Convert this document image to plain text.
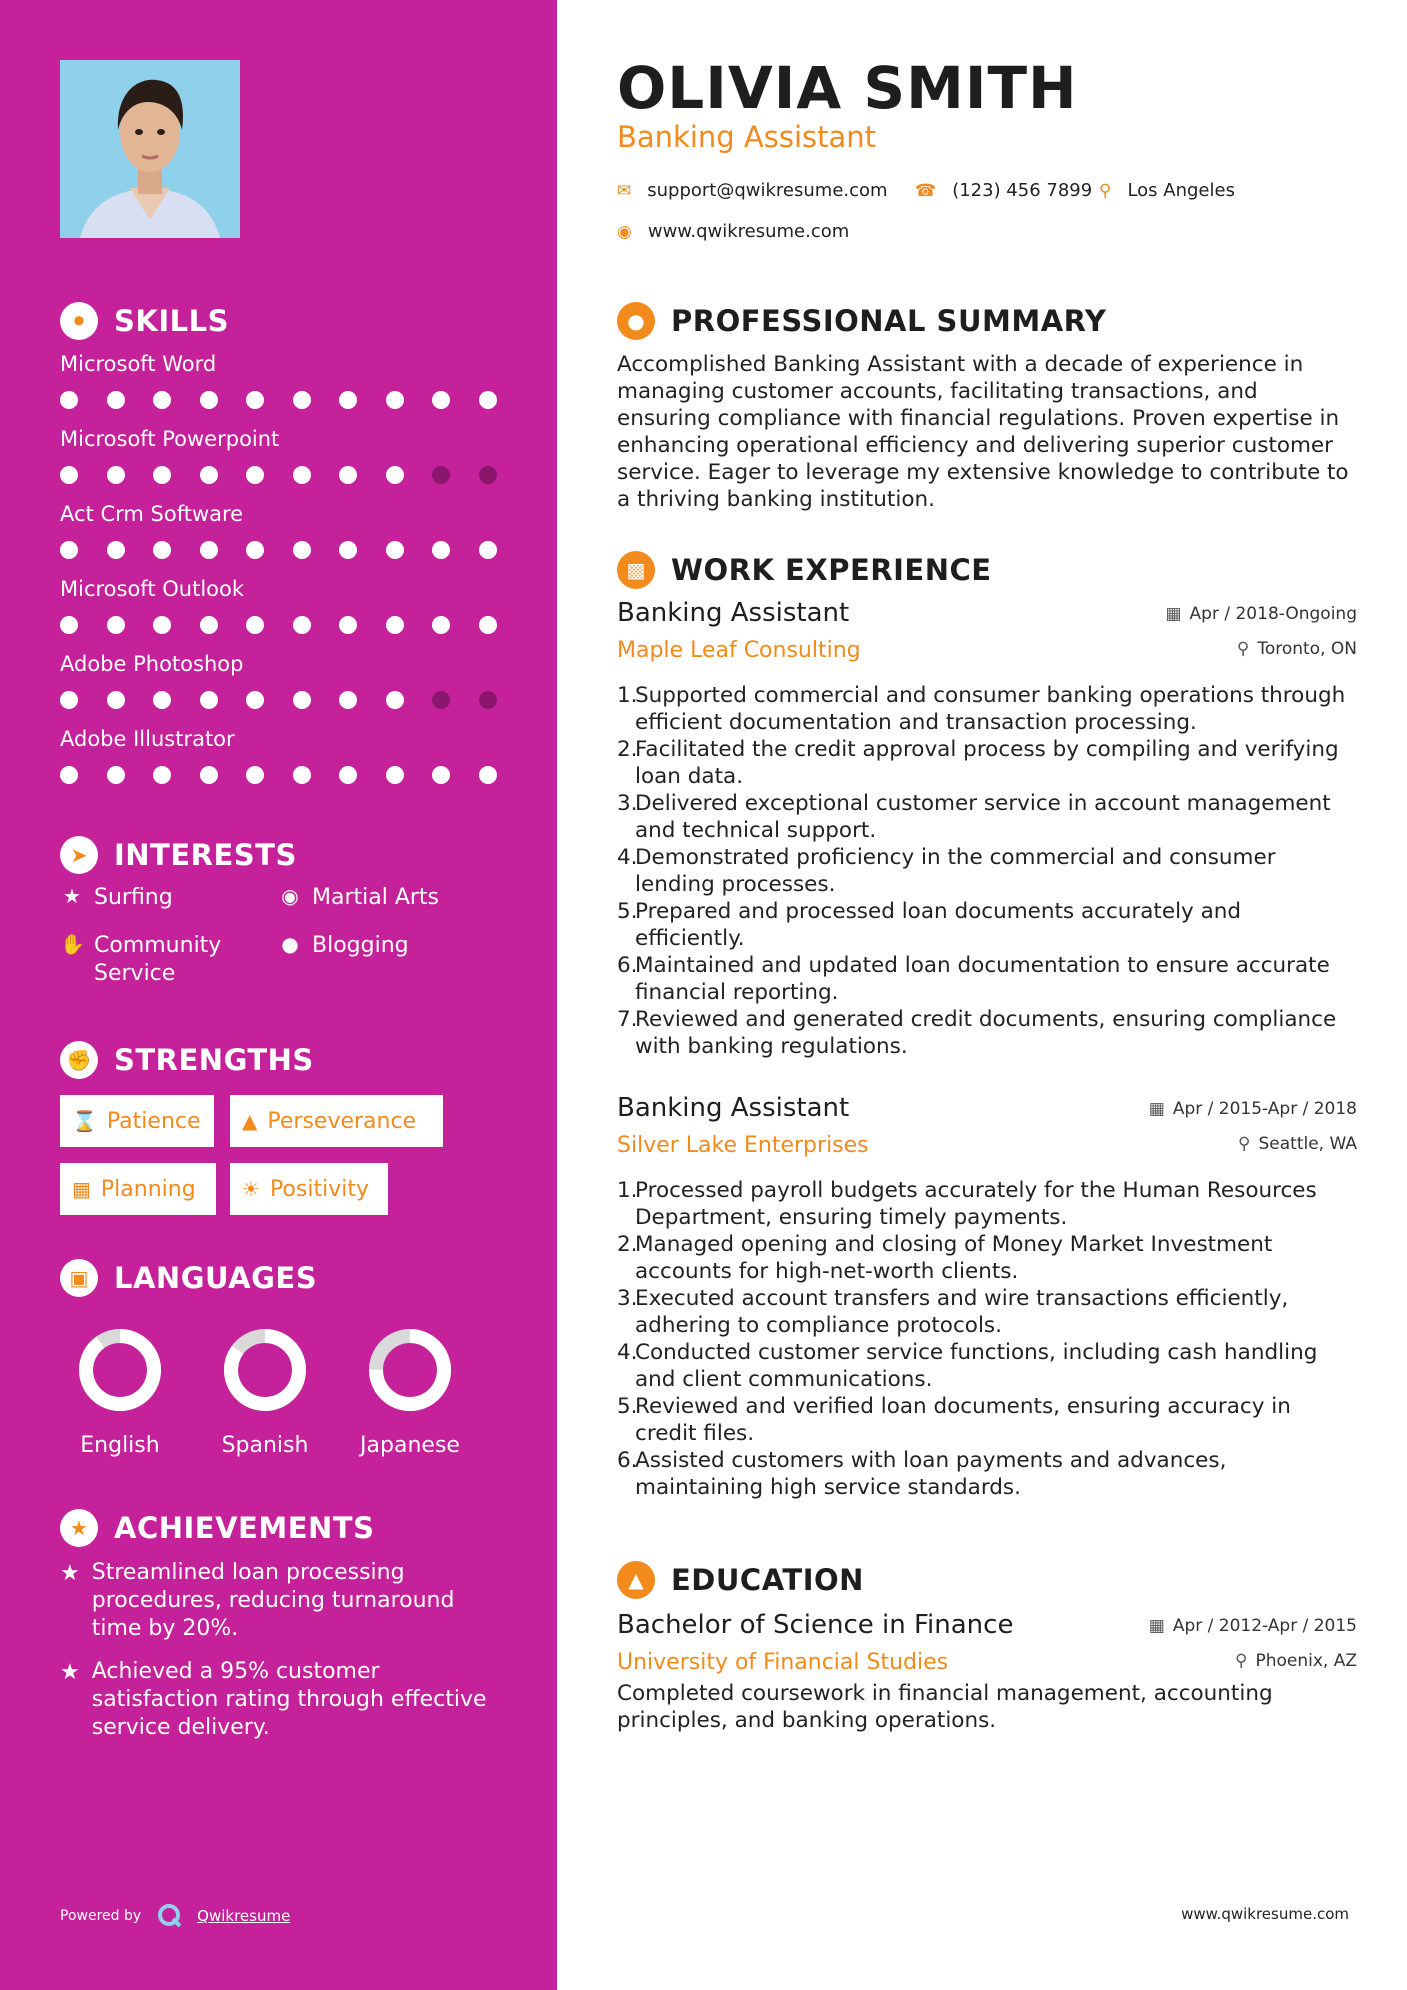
⚫ SKILLS
Microsoft Word
Microsoft Powerpoint
Act Crm Software
Microsoft Outlook
Adobe Photoshop
Adobe Illustrator
➤ INTERESTS
★ Surfing	◉ Martial Arts
✋ Community Service
● Blogging
✊ STRENGTHS
⌛ Patience ▲ Perseverance
▦ Planning ☀ Positivity
▣ LANGUAGES
English	Spanish	Japanese
★ ACHIEVEMENTS
★ Streamlined loan processing procedures, reducing turnaround time by 20%.
★ Achieved a 95% customer satisfaction rating through effective service delivery.
Powered by	Qwikresume
OLIVIA SMITH
Banking Assistant
✉ support@qwikresume.com ☎ (123) 456 7899 ⚲ Los Angeles
◉ www.qwikresume.com
● PROFESSIONAL SUMMARY
Accomplished Banking Assistant with a decade of experience in managing customer accounts, facilitating transactions, and ensuring compliance with financial regulations. Proven expertise in enhancing operational efficiency and delivering superior customer service. Eager to leverage my extensive knowledge to contribute to a thriving banking institution.
▩ WORK EXPERIENCE
Banking Assistant
Maple Leaf Consulting
▦ Apr / 2018-Ongoing
⚲ Toronto, ON
1.
Supported commercial and consumer banking operations through efficient documentation and transaction processing.
2.
Facilitated the credit approval process by compiling and verifying loan data.
3.
Delivered exceptional customer service in account management and technical support.
4.
Demonstrated proficiency in the commercial and consumer lending processes.
5.
Prepared and processed loan documents accurately and efficiently.
6.
Maintained and updated loan documentation to ensure accurate financial reporting.
7.
Reviewed and generated credit documents, ensuring compliance with banking regulations.
Banking Assistant
Silver Lake Enterprises
▦ Apr / 2015-Apr / 2018
⚲ Seattle, WA
1.
Processed payroll budgets accurately for the Human Resources Department, ensuring timely payments.
2.
Managed opening and closing of Money Market Investment accounts for high-net-worth clients.
3.
Executed account transfers and wire transactions efficiently, adhering to compliance protocols.
4.
Conducted customer service functions, including cash handling and client communications.
5.
Reviewed and verified loan documents, ensuring accuracy in credit files.
6.
Assisted customers with loan payments and advances, maintaining high service standards.
▲ EDUCATION
Bachelor of Science in Finance
University of Financial Studies
▦ Apr / 2012-Apr / 2015
⚲ Phoenix, AZ
Completed coursework in financial management, accounting principles, and banking operations.
www.qwikresume.com
